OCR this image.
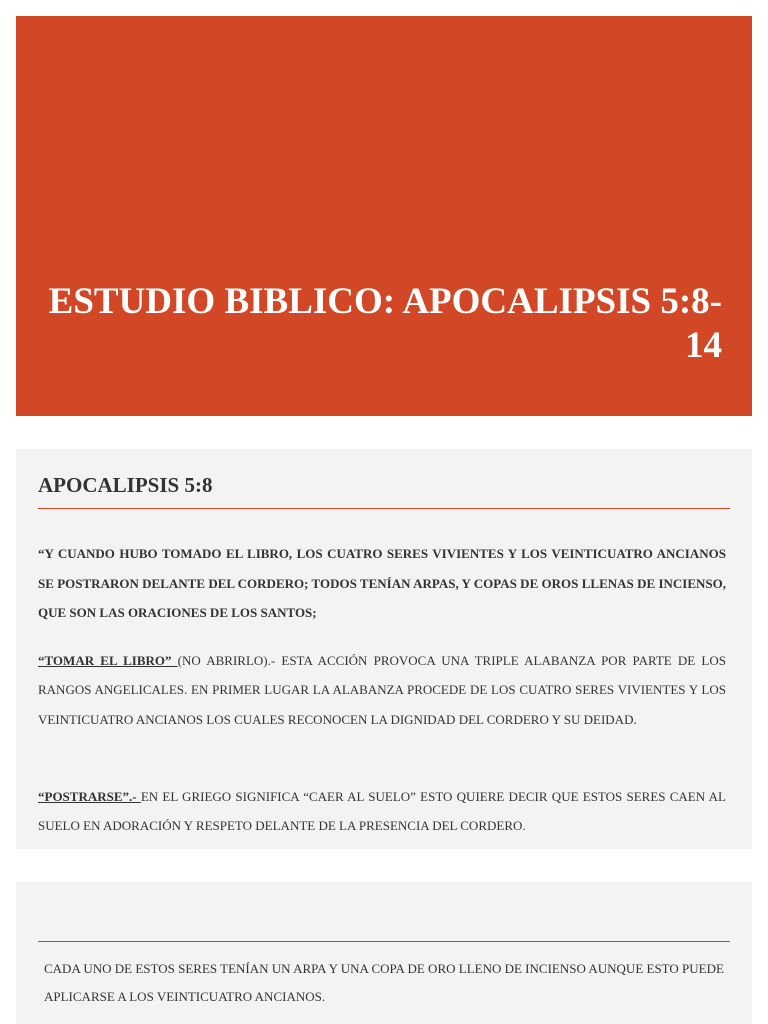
ESTUDIO BIBLICO: APOCALIPSIS 5:8-14
APOCALIPSIS 5:8
“Y CUANDO HUBO TOMADO EL LIBRO, LOS CUATRO SERES VIVIENTES Y LOS VEINTICUATRO ANCIANOS SE POSTRARON DELANTE DEL CORDERO; TODOS TENÍAN ARPAS, Y COPAS DE OROS LLENAS DE INCIENSO, QUE SON LAS ORACIONES DE LOS SANTOS;
“TOMAR EL LIBRO” (NO ABRIRLO).- ESTA ACCIÓN PROVOCA UNA TRIPLE ALABANZA POR PARTE DE LOS RANGOS ANGELICALES. EN PRIMER LUGAR LA ALABANZA PROCEDE DE LOS CUATRO SERES VIVIENTES Y LOS VEINTICUATRO ANCIANOS LOS CUALES RECONOCEN LA DIGNIDAD DEL CORDERO Y SU DEIDAD.
“POSTRARSE”.- EN EL GRIEGO SIGNIFICA “CAER AL SUELO” ESTO QUIERE DECIR QUE ESTOS SERES CAEN AL SUELO EN ADORACIÓN Y RESPETO DELANTE DE LA PRESENCIA DEL CORDERO.
CADA UNO DE ESTOS SERES TENÍAN UN ARPA Y UNA COPA DE ORO LLENO DE INCIENSO AUNQUE ESTO PUEDE APLICARSE A LOS VEINTICUATRO ANCIANOS.
